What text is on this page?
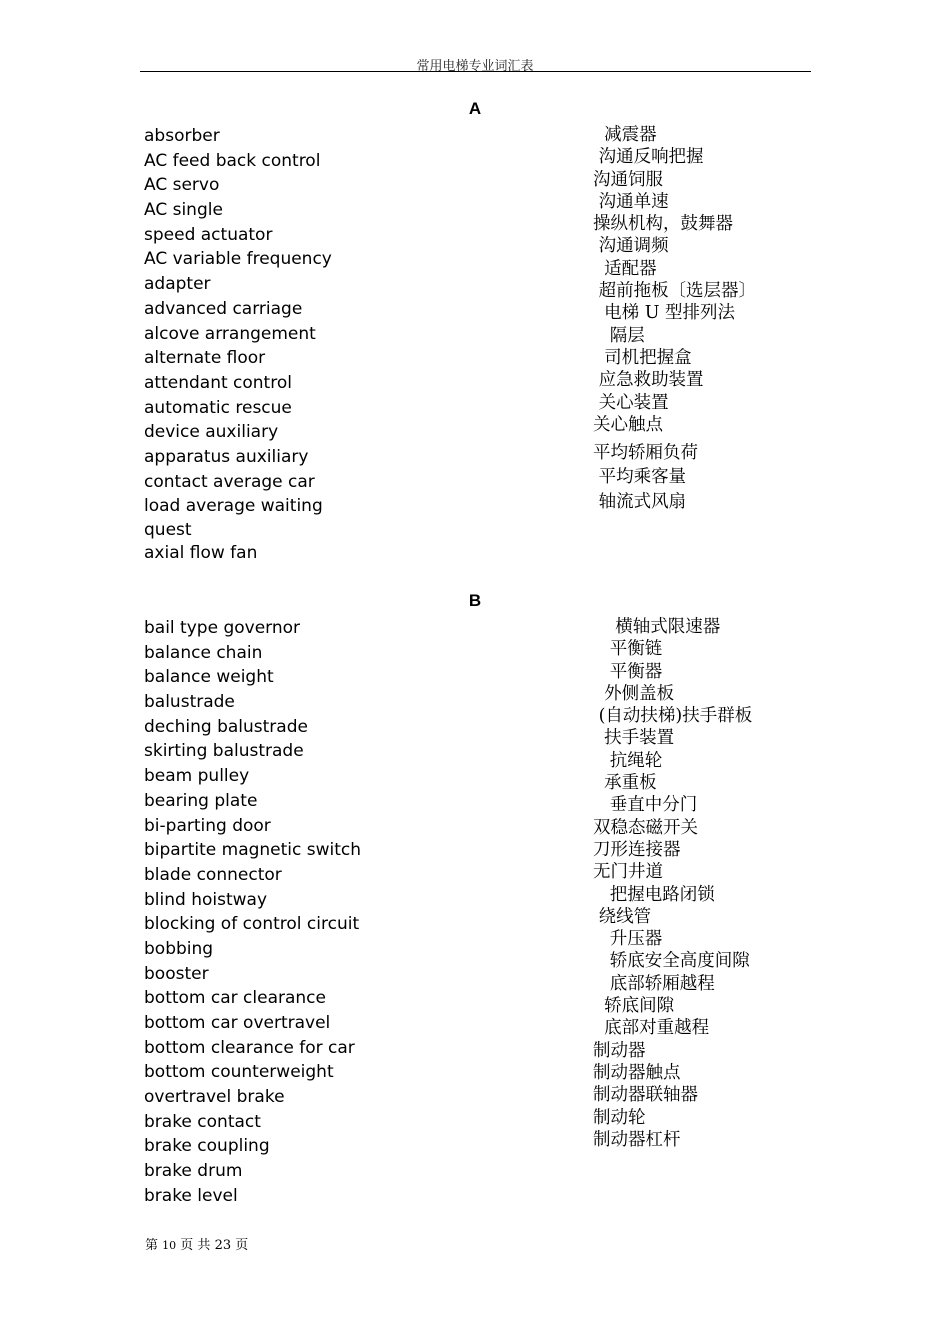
常用电梯专业词汇表
A
absorber
AC feed back control
AC servo
AC single
speed actuator
AC variable frequency
adapter
advanced carriage
alcove arrangement
alternate floor
attendant control
automatic rescue
device auxiliary
apparatus auxiliary
contact average car
load average waiting
quest
axial flow fan
减震器
沟通反响把握
沟通饲服
沟通单速
操纵机构，鼓舞器
沟通调频
适配器
超前拖板〔选层器〕
电梯 U 型排列法
隔层
司机把握盒
应急救助装置
关心装置
关心触点
平均轿厢负荷
平均乘客量
轴流式风扇
B
bail type governor
balance chain
balance weight
balustrade
deching balustrade
skirting balustrade
beam pulley
bearing plate
bi-parting door
bipartite magnetic switch
blade connector
blind hoistway
blocking of control circuit
bobbing
booster
bottom car clearance
bottom car overtravel
bottom clearance for car
bottom counterweight
overtravel brake
brake contact
brake coupling
brake drum
brake level
横轴式限速器
平衡链
平衡器
外侧盖板
(自动扶梯)扶手群板
扶手装置
抗绳轮
承重板
垂直中分门
双稳态磁开关
刀形连接器
无门井道
把握电路闭锁
绕线管
升压器
轿底安全高度间隙
底部轿厢越程
轿底间隙
底部对重越程
制动器
制动器触点
制动器联轴器
制动轮
制动器杠杆
第 10 页 共 23 页
